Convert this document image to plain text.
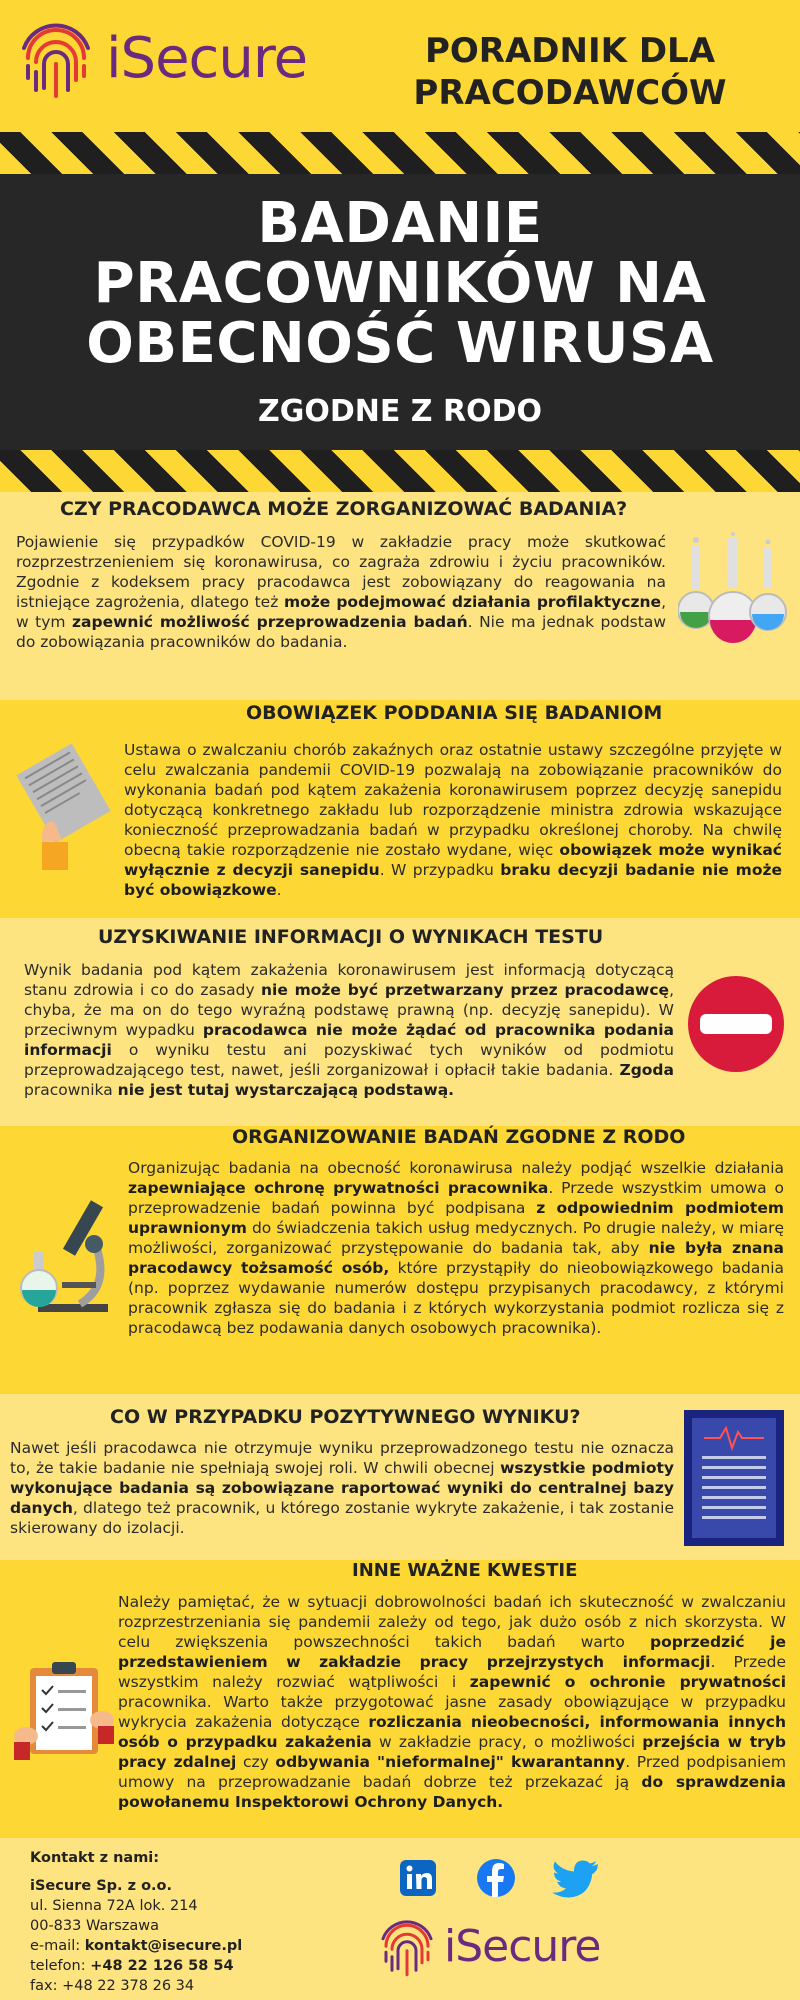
iSecure	PORADNIK DLA
PRACODAWCÓW
BADANIE
PRACOWNIKÓW NA
OBECNOŚĆ WIRUSA
ZGODNE Z RODO
CZY PRACODAWCA MOŻE ZORGANIZOWAĆ BADANIA?

Pojawienie się przypadków COVID-19 w zakładzie pracy może skutkować rozprzestrzenieniem się koronawirusa, co zagraża zdrowiu i życiu pracowników. Zgodnie z kodeksem pracy pracodawca jest zobowiązany do reagowania na istniejące zagrożenia, dlatego też może podejmować działania profilaktyczne, w tym zapewnić możliwość przeprowadzenia badań. Nie ma jednak podstaw do zobowiązania pracowników do badania.

OBOWIĄZEK PODDANIA SIĘ BADANIOM

Ustawa o zwalczaniu chorób zakaźnych oraz ostatnie ustawy szczególne przyjęte w celu zwalczania pandemii COVID-19 pozwalają na zobowiązanie pracowników do wykonania badań pod kątem zakażenia koronawirusem poprzez decyzję sanepidu dotyczącą konkretnego zakładu lub rozporządzenie ministra zdrowia wskazujące konieczność przeprowadzania badań w przypadku określonej choroby. Na chwilę obecną takie rozporządzenie nie zostało wydane, więc obowiązek może wynikać wyłącznie z decyzji sanepidu. W przypadku braku decyzji badanie nie może być obowiązkowe.

UZYSKIWANIE INFORMACJI O WYNIKACH TESTU

Wynik badania pod kątem zakażenia koronawirusem jest informacją dotyczącą stanu zdrowia i co do zasady nie może być przetwarzany przez pracodawcę, chyba, że ma on do tego wyraźną podstawę prawną (np. decyzję sanepidu). W przeciwnym wypadku pracodawca nie może żądać od pracownika podania informacji o wyniku testu ani pozyskiwać tych wyników od podmiotu przeprowadzającego test, nawet, jeśli zorganizował i opłacił takie badania. Zgoda pracownika nie jest tutaj wystarczającą podstawą.

ORGANIZOWANIE BADAŃ ZGODNE Z RODO

Organizując badania na obecność koronawirusa należy podjąć wszelkie działania zapewniające ochronę prywatności pracownika. Przede wszystkim umowa o przeprowadzenie badań powinna być podpisana z odpowiednim podmiotem uprawnionym do świadczenia takich usług medycznych. Po drugie należy, w miarę możliwości, zorganizować przystępowanie do badania tak, aby nie była znana pracodawcy tożsamość osób, które przystąpiły do nieobowiązkowego badania (np. poprzez wydawanie numerów dostępu przypisanych pracodawcy, z którymi pracownik zgłasza się do badania i z których wykorzystania podmiot rozlicza się z pracodawcą bez podawania danych osobowych pracownika).

CO W PRZYPADKU POZYTYWNEGO WYNIKU?

Nawet jeśli pracodawca nie otrzymuje wyniku przeprowadzonego testu nie oznacza to, że takie badanie nie spełniają swojej roli. W chwili obecnej wszystkie podmioty wykonujące badania są zobowiązane raportować wyniki do centralnej bazy danych, dlatego też pracownik, u którego zostanie wykryte zakażenie, i tak zostanie skierowany do izolacji.

INNE WAŻNE KWESTIE

Należy pamiętać, że w sytuacji dobrowolności badań ich skuteczność w zwalczaniu rozprzestrzeniania się pandemii zależy od tego, jak dużo osób z nich skorzysta. W celu zwiększenia powszechności takich badań warto poprzedzić je przedstawieniem w zakładzie pracy przejrzystych informacji. Przede wszystkim należy rozwiać wątpliwości i zapewnić o ochronie prywatności pracownika. Warto także przygotować jasne zasady obowiązujące w przypadku wykrycia zakażenia dotyczące rozliczania nieobecności, informowania innych osób o przypadku zakażenia w zakładzie pracy, o możliwości przejścia w tryb pracy zdalnej czy odbywania "nieformalnej" kwarantanny. Przed podpisaniem umowy na przeprowadzanie badań dobrze też przekazać ją do sprawdzenia powołanemu Inspektorowi Ochrony Danych.

Kontakt z nami:
iSecure Sp. z o.o.
ul. Sienna 72A lok. 214
00-833 Warszawa
e-mail: kontakt@isecure.pl
telefon: +48 22 126 58 54
fax: +48 22 378 26 34
iSecure
